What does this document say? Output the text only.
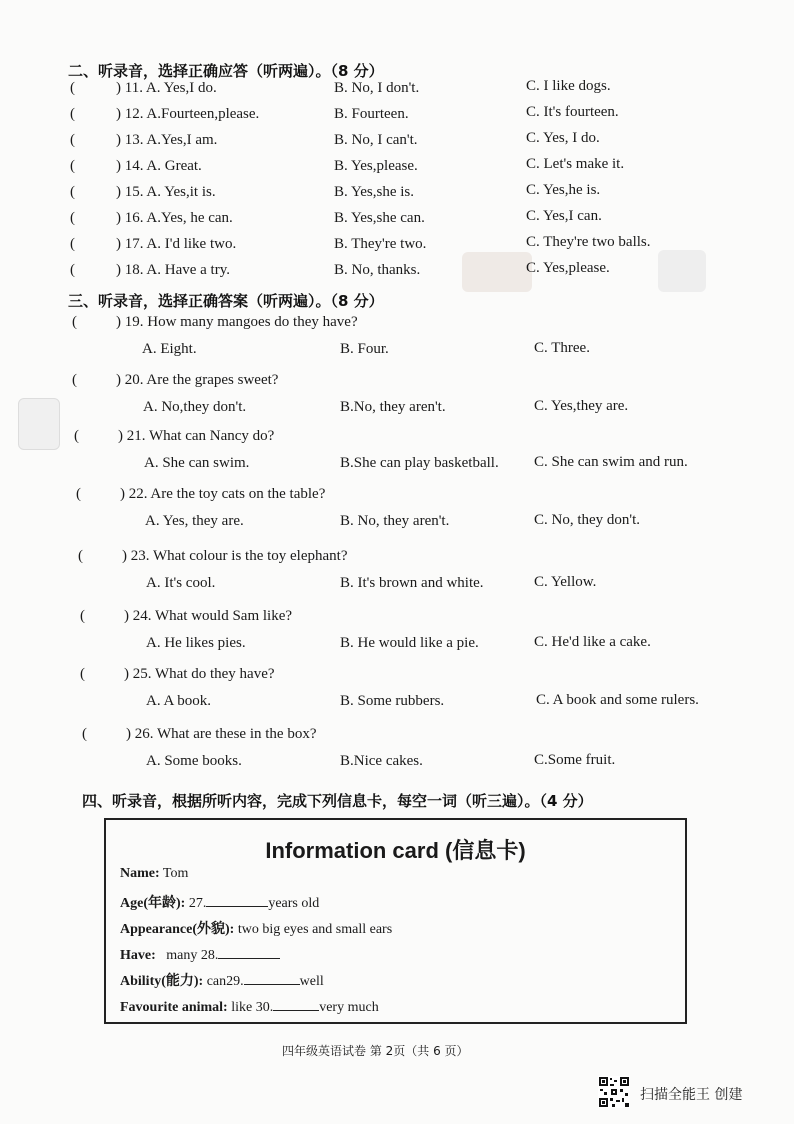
二、听录音，选择正确应答（听两遍）。（8 分）
(	) 11. A. Yes,I do.	B. No, I don't.	C. I like dogs.
(	) 12. A.Fourteen,please.	B. Fourteen.	C. It's fourteen.
(	) 13. A.Yes,I am.	B. No, I can't.	C. Yes, I do.
(	) 14. A. Great.	B. Yes,please.	C. Let's make it.
(	) 15. A. Yes,it is.	B. Yes,she is.	C. Yes,he is.
(	) 16. A.Yes, he can.	B. Yes,she can.	C. Yes,I can.
(	) 17. A. I'd like two.	B. They're two.	C. They're two balls.
(	) 18. A. Have a try.	B. No, thanks.	C. Yes,please.
三、听录音，选择正确答案（听两遍）。（8 分）
(	) 19. How many mangoes do they have?
A. Eight.	B. Four.	C. Three.
(	) 20. Are the grapes sweet?
A. No,they don't.	B.No, they aren't.	C. Yes,they are.
(	) 21. What can Nancy do?
A. She can swim.	B.She can play basketball. C. She can swim and run.
(	) 22. Are the toy cats on the table?
A. Yes, they are.	B. No, they aren't.	C. No, they don't.
(	) 23. What colour is the toy elephant?
A. It's cool.	B. It's brown and white.	C. Yellow.
(	) 24. What would Sam like?
A. He likes pies.	B. He would like a pie.	C. He'd like a cake.
(	) 25. What do they have?
A. A book.	B. Some rubbers.	C. A book and some rulers.
(	) 26. What are these in the box?
A. Some books.	B.Nice cakes.	C.Some fruit.
四、听录音，根据所听内容，完成下列信息卡，每空一词（听三遍）。（4 分）
Information card (信息卡)
Name: Tom
Age(年龄): 27.	years old
Appearance(外貌): two big eyes and small ears
Have: many 28.
Ability(能力): can29.	well
Favourite animal: like 30.	very much
四年级英语试卷 第 2页（共 6 页）
扫描全能王 创建
